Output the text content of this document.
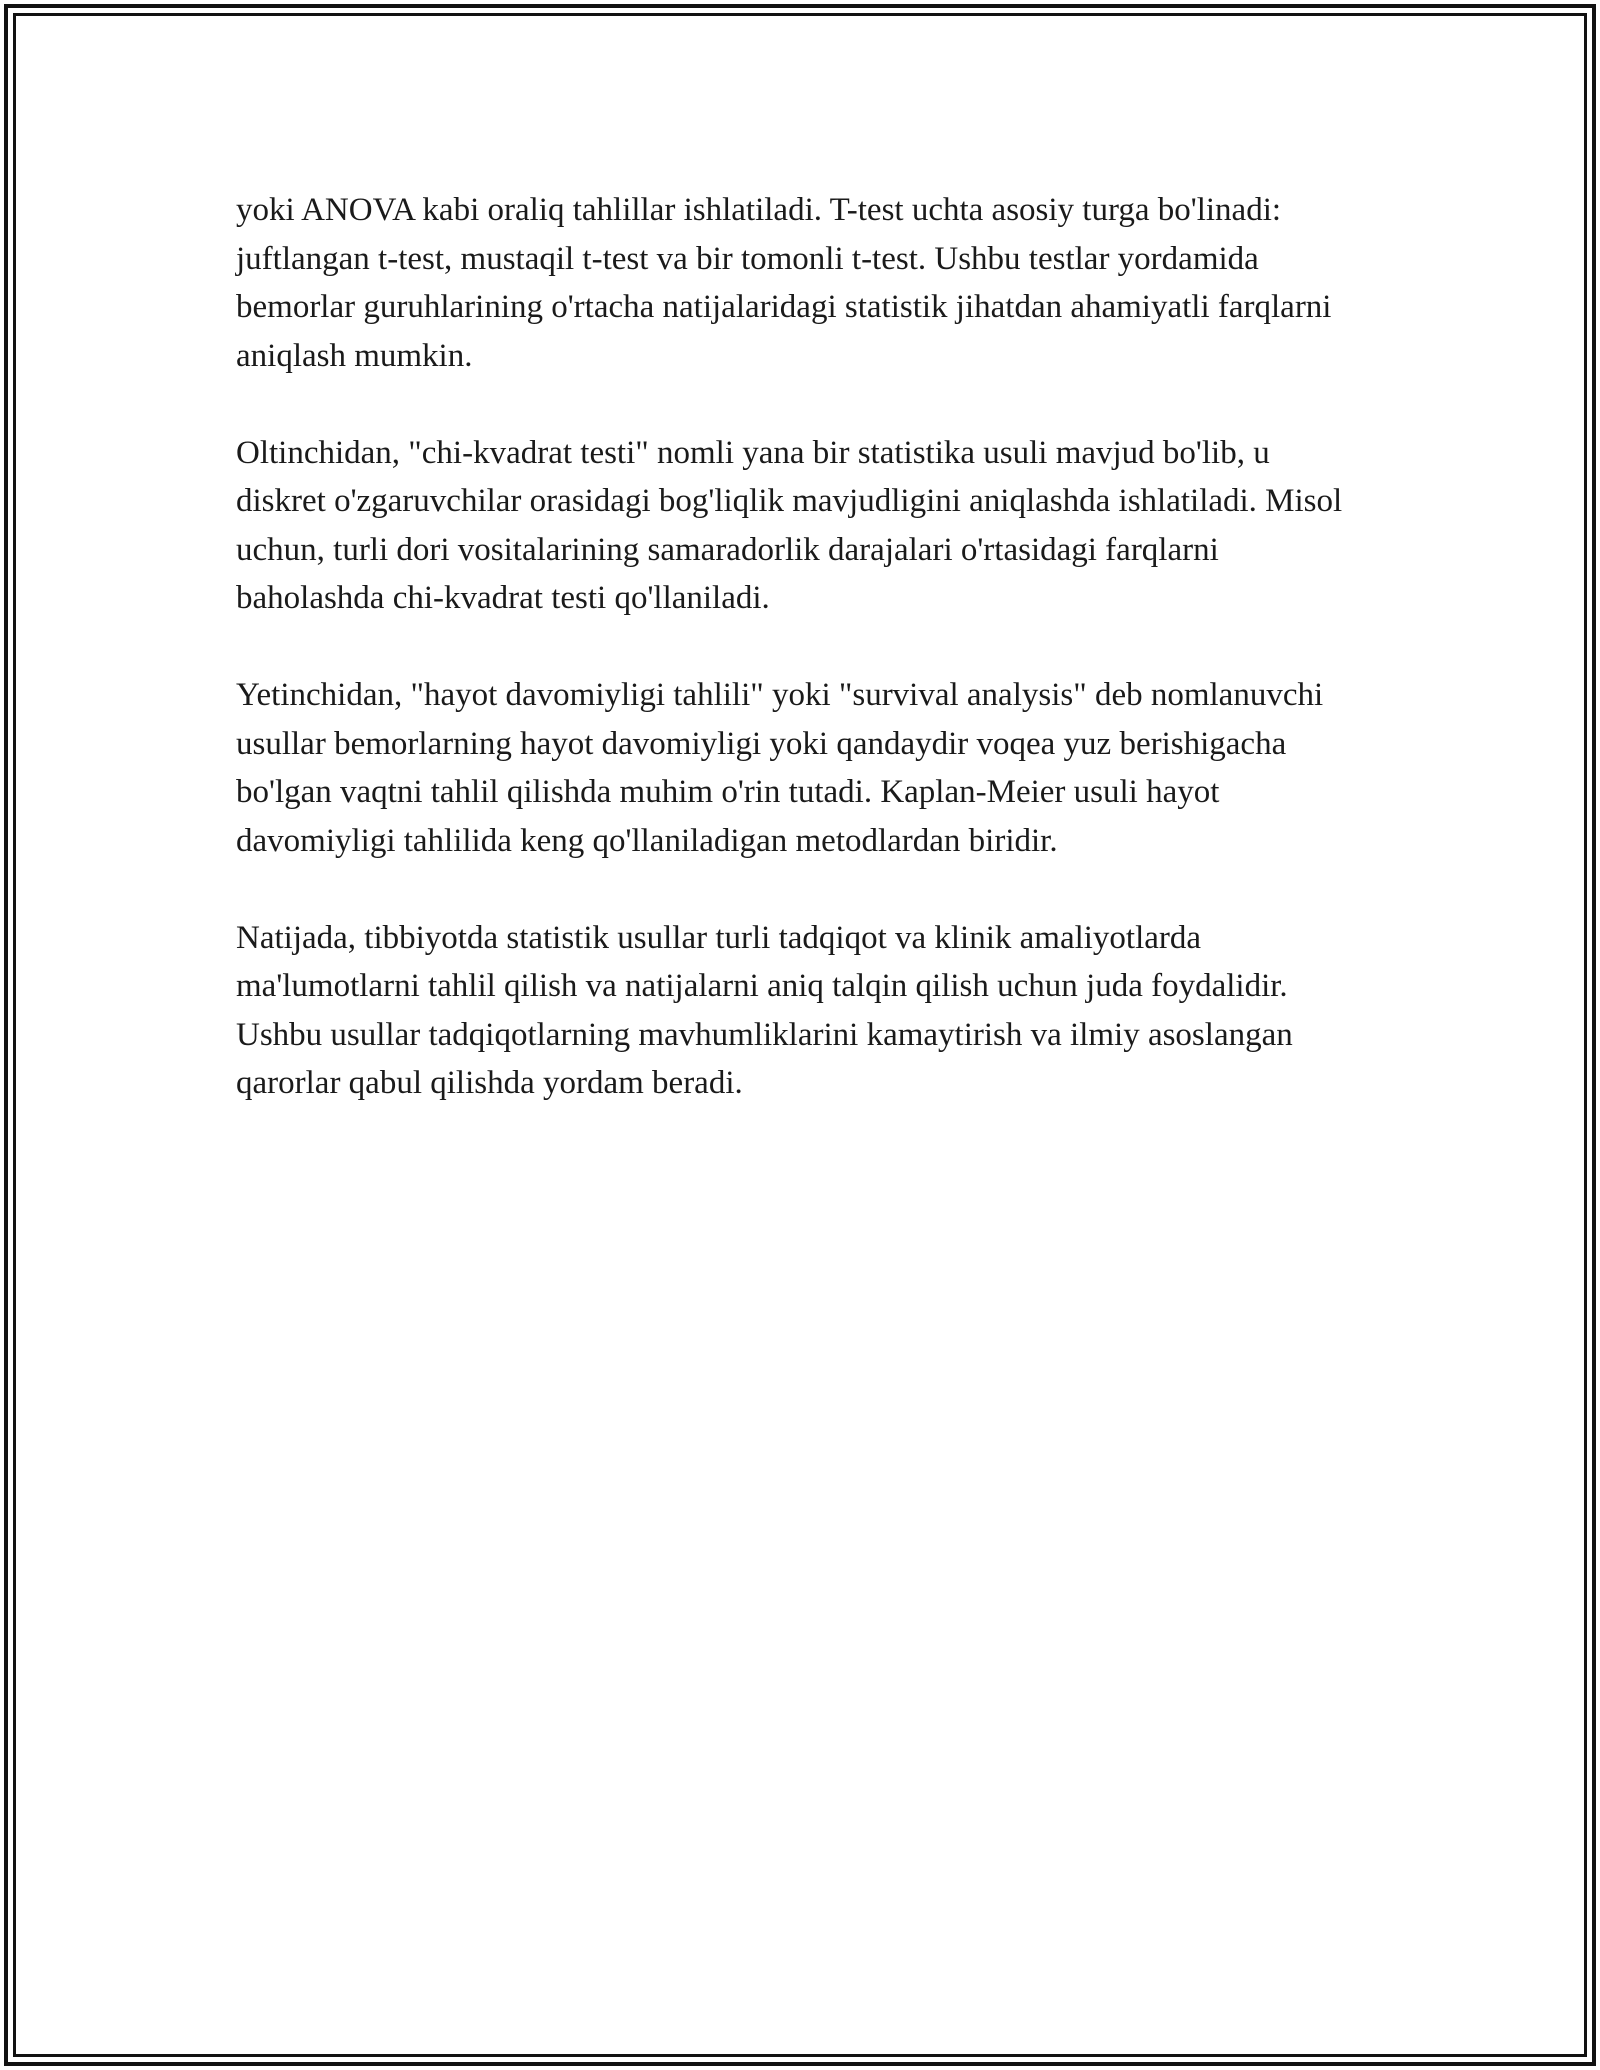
yoki ANOVA kabi oraliq tahlillar ishlatiladi. T-test uchta asosiy turga bo'linadi: juftlangan t-test, mustaqil t-test va bir tomonli t-test. Ushbu testlar yordamida bemorlar guruhlarining o'rtacha natijalaridagi statistik jihatdan ahamiyatli farqlarni aniqlash mumkin.

Oltinchidan, "chi-kvadrat testi" nomli yana bir statistika usuli mavjud bo'lib, u diskret o'zgaruvchilar orasidagi bog'liqlik mavjudligini aniqlashda ishlatiladi. Misol uchun, turli dori vositalarining samaradorlik darajalari o'rtasidagi farqlarni baholashda chi-kvadrat testi qo'llaniladi.

Yetinchidan, "hayot davomiyligi tahlili" yoki "survival analysis" deb nomlanuvchi usullar bemorlarning hayot davomiyligi yoki qandaydir voqea yuz berishigacha bo'lgan vaqtni tahlil qilishda muhim o'rin tutadi. Kaplan-Meier usuli hayot davomiyligi tahlilida keng qo'llaniladigan metodlardan biridir.

Natijada, tibbiyotda statistik usullar turli tadqiqot va klinik amaliyotlarda ma'lumotlarni tahlil qilish va natijalarni aniq talqin qilish uchun juda foydalidir. Ushbu usullar tadqiqotlarning mavhumliklarini kamaytirish va ilmiy asoslangan qarorlar qabul qilishda yordam beradi.
